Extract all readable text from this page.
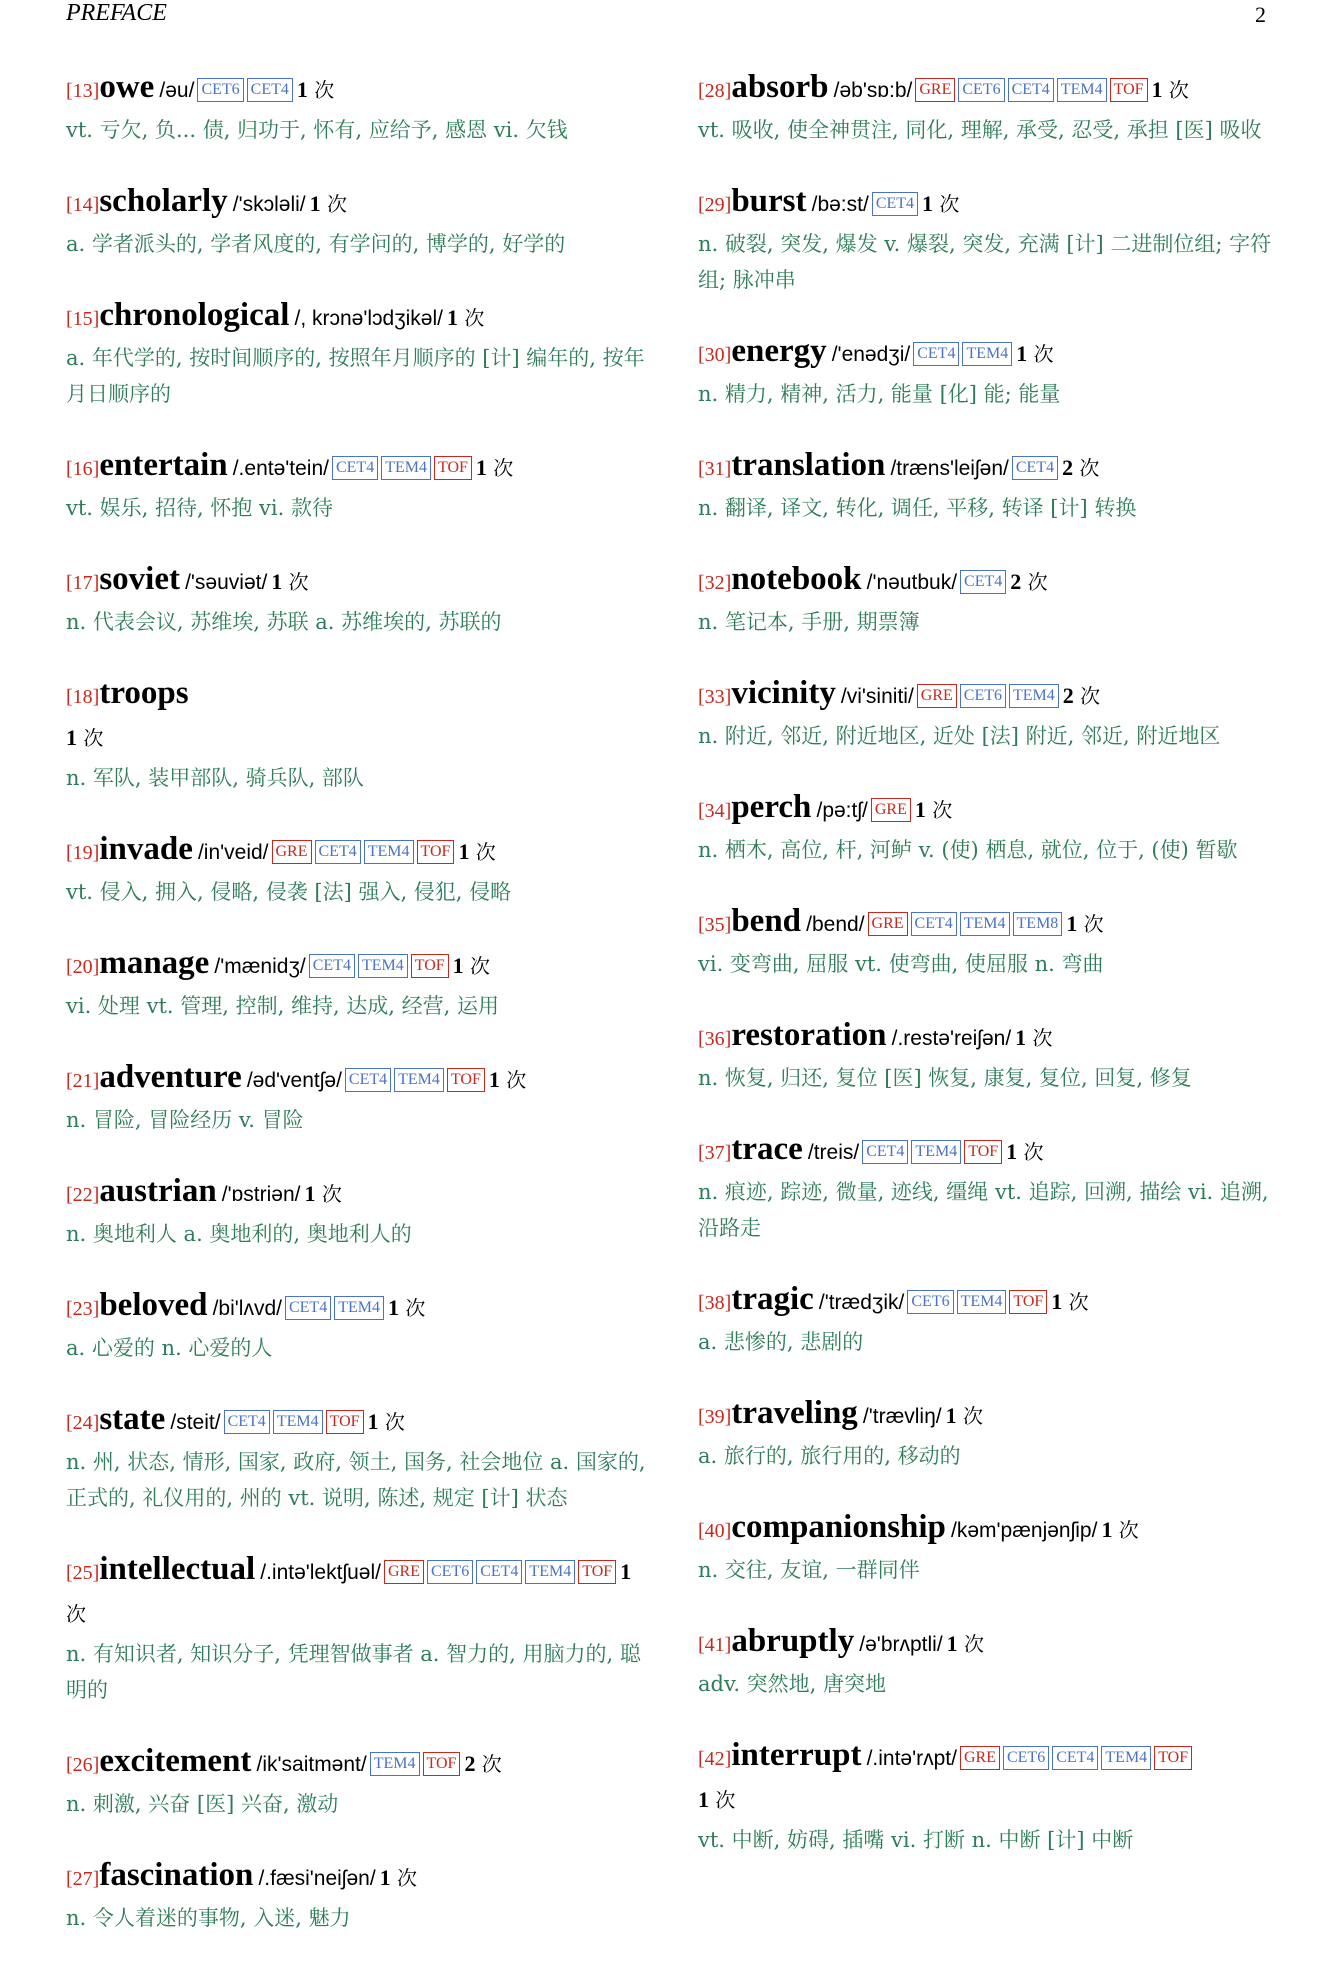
PREFACE	2
[13]owe /əu/ CET6 CET4 1 次
vt. 亏欠, 负... 债, 归功于, 怀有, 应给予, 感恩 vi. 欠钱
[14]scholarly /'skɔləli/ 1 次
a. 学者派头的, 学者风度的, 有学问的, 博学的, 好学的
[15]chronological /, krɔnə'lɔdʒikəl/ 1 次
a. 年代学的, 按时间顺序的, 按照年月顺序的 [计] 编年的, 按年月日顺序的
[16]entertain /.entə'tein/ CET4 TEM4 TOF 1 次
vt. 娱乐, 招待, 怀抱 vi. 款待
[17]soviet /'səuviət/ 1 次
n. 代表会议, 苏维埃, 苏联 a. 苏维埃的, 苏联的
[18]troops
1 次
n. 军队, 装甲部队, 骑兵队, 部队
[19]invade /in'veid/ GRE CET4 TEM4 TOF 1 次
vt. 侵入, 拥入, 侵略, 侵袭 [法] 强入, 侵犯, 侵略
[20]manage /'mænidʒ/ CET4 TEM4 TOF 1 次
vi. 处理 vt. 管理, 控制, 维持, 达成, 经营, 运用
[21]adventure /əd'ventʃə/ CET4 TEM4 TOF 1 次
n. 冒险, 冒险经历 v. 冒险
[22]austrian /'ɒstriən/ 1 次
n. 奥地利人 a. 奥地利的, 奥地利人的
[23]beloved /bi'lʌvd/ CET4 TEM4 1 次
a. 心爱的 n. 心爱的人
[24]state /steit/ CET4 TEM4 TOF 1 次
n. 州, 状态, 情形, 国家, 政府, 领土, 国务, 社会地位 a. 国家的, 正式的, 礼仪用的, 州的 vt. 说明, 陈述, 规定 [计] 状态
[25]intellectual /.intə'lektʃuəl/ GRE CET6 CET4 TEM4 TOF 1 次
n. 有知识者, 知识分子, 凭理智做事者 a. 智力的, 用脑力的, 聪明的
[26]excitement /ik'saitmənt/ TEM4 TOF 2 次
n. 刺激, 兴奋 [医] 兴奋, 激动
[27]fascination /.fæsi'neiʃən/ 1 次
n. 令人着迷的事物, 入迷, 魅力
[28]absorb /əb'sɒ:b/ GRE CET6 CET4 TEM4 TOF 1 次
vt. 吸收, 使全神贯注, 同化, 理解, 承受, 忍受, 承担 [医] 吸收
[29]burst /bə:st/ CET4 1 次
n. 破裂, 突发, 爆发 v. 爆裂, 突发, 充满 [计] 二进制位组; 字符组; 脉冲串
[30]energy /'enədʒi/ CET4 TEM4 1 次
n. 精力, 精神, 活力, 能量 [化] 能; 能量
[31]translation /træns'leiʃən/ CET4 2 次
n. 翻译, 译文, 转化, 调任, 平移, 转译 [计] 转换
[32]notebook /'nəutbuk/ CET4 2 次
n. 笔记本, 手册, 期票簿
[33]vicinity /vi'siniti/ GRE CET6 TEM4 2 次
n. 附近, 邻近, 附近地区, 近处 [法] 附近, 邻近, 附近地区
[34]perch /pə:tʃ/ GRE 1 次
n. 栖木, 高位, 杆, 河鲈 v. (使) 栖息, 就位, 位于, (使) 暂歇
[35]bend /bend/ GRE CET4 TEM4 TEM8 1 次
vi. 变弯曲, 屈服 vt. 使弯曲, 使屈服 n. 弯曲
[36]restoration /.restə'reiʃən/ 1 次
n. 恢复, 归还, 复位 [医] 恢复, 康复, 复位, 回复, 修复
[37]trace /treis/ CET4 TEM4 TOF 1 次
n. 痕迹, 踪迹, 微量, 迹线, 缰绳 vt. 追踪, 回溯, 描绘 vi. 追溯, 沿路走
[38]tragic /'trædʒik/ CET6 TEM4 TOF 1 次
a. 悲惨的, 悲剧的
[39]traveling /'trævliŋ/ 1 次
a. 旅行的, 旅行用的, 移动的
[40]companionship /kəm'pænjənʃip/ 1 次
n. 交往, 友谊, 一群同伴
[41]abruptly /ə'brʌptli/ 1 次
adv. 突然地, 唐突地
[42]interrupt /.intə'rʌpt/ GRE CET6 CET4 TEM4 TOF
1 次
vt. 中断, 妨碍, 插嘴 vi. 打断 n. 中断 [计] 中断
